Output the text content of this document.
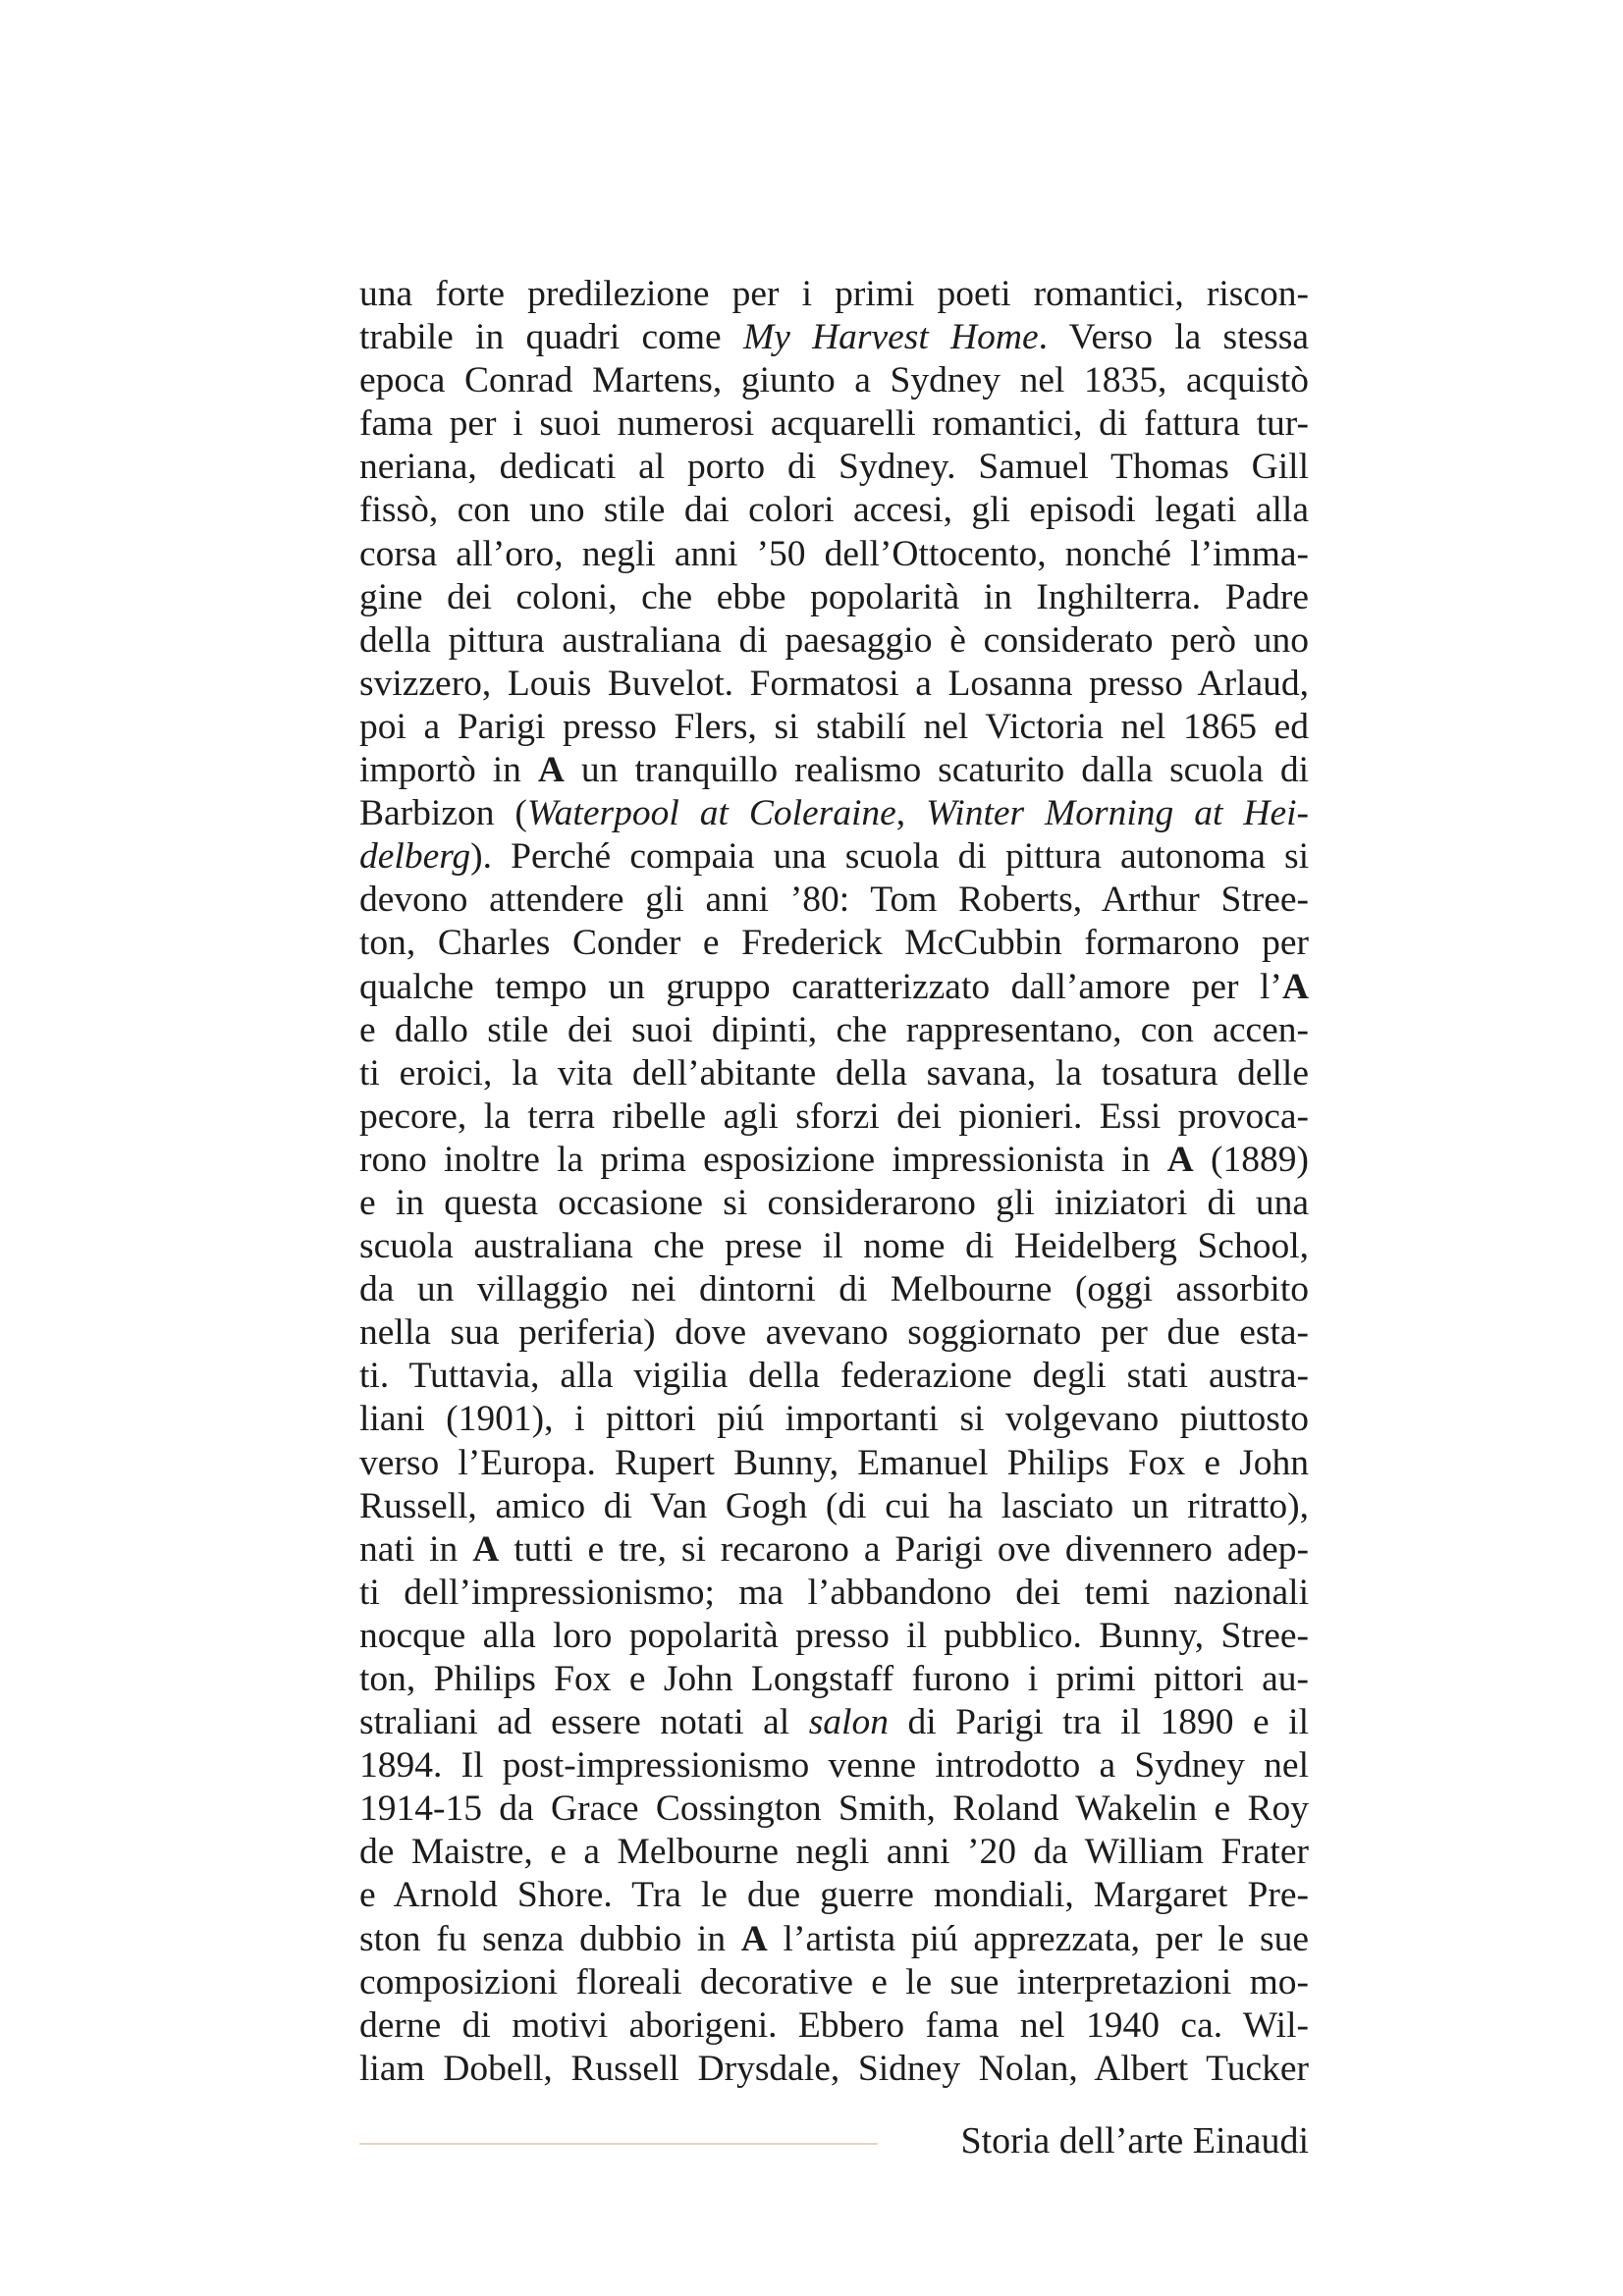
una forte predilezione per i primi poeti romantici, riscon-
trabile in quadri come My Harvest Home. Verso la stessa
epoca Conrad Martens, giunto a Sydney nel 1835, acquistò
fama per i suoi numerosi acquarelli romantici, di fattura tur-
neriana, dedicati al porto di Sydney. Samuel Thomas Gill
fissò, con uno stile dai colori accesi, gli episodi legati alla
corsa all’oro, negli anni ’50 dell’Ottocento, nonché l’imma-
gine dei coloni, che ebbe popolarità in Inghilterra. Padre
della pittura australiana di paesaggio è considerato però uno
svizzero, Louis Buvelot. Formatosi a Losanna presso Arlaud,
poi a Parigi presso Flers, si stabilí nel Victoria nel 1865 ed
importò in A un tranquillo realismo scaturito dalla scuola di
Barbizon (Waterpool at Coleraine, Winter Morning at Hei-
delberg). Perché compaia una scuola di pittura autonoma si
devono attendere gli anni ’80: Tom Roberts, Arthur Stree-
ton, Charles Conder e Frederick McCubbin formarono per
qualche tempo un gruppo caratterizzato dall’amore per l’A
e dallo stile dei suoi dipinti, che rappresentano, con accen-
ti eroici, la vita dell’abitante della savana, la tosatura delle
pecore, la terra ribelle agli sforzi dei pionieri. Essi provoca-
rono inoltre la prima esposizione impressionista in A (1889)
e in questa occasione si considerarono gli iniziatori di una
scuola australiana che prese il nome di Heidelberg School,
da un villaggio nei dintorni di Melbourne (oggi assorbito
nella sua periferia) dove avevano soggiornato per due esta-
ti. Tuttavia, alla vigilia della federazione degli stati austra-
liani (1901), i pittori piú importanti si volgevano piuttosto
verso l’Europa. Rupert Bunny, Emanuel Philips Fox e John
Russell, amico di Van Gogh (di cui ha lasciato un ritratto),
nati in A tutti e tre, si recarono a Parigi ove divennero adep-
ti dell’impressionismo; ma l’abbandono dei temi nazionali
nocque alla loro popolarità presso il pubblico. Bunny, Stree-
ton, Philips Fox e John Longstaff furono i primi pittori au-
straliani ad essere notati al salon di Parigi tra il 1890 e il
1894. Il post-impressionismo venne introdotto a Sydney nel
1914-15 da Grace Cossington Smith, Roland Wakelin e Roy
de Maistre, e a Melbourne negli anni ’20 da William Frater
e Arnold Shore. Tra le due guerre mondiali, Margaret Pre-
ston fu senza dubbio in A l’artista piú apprezzata, per le sue
composizioni floreali decorative e le sue interpretazioni mo-
derne di motivi aborigeni. Ebbero fama nel 1940 ca. Wil-
liam Dobell, Russell Drysdale, Sidney Nolan, Albert Tucker
Storia dell’arte Einaudi
